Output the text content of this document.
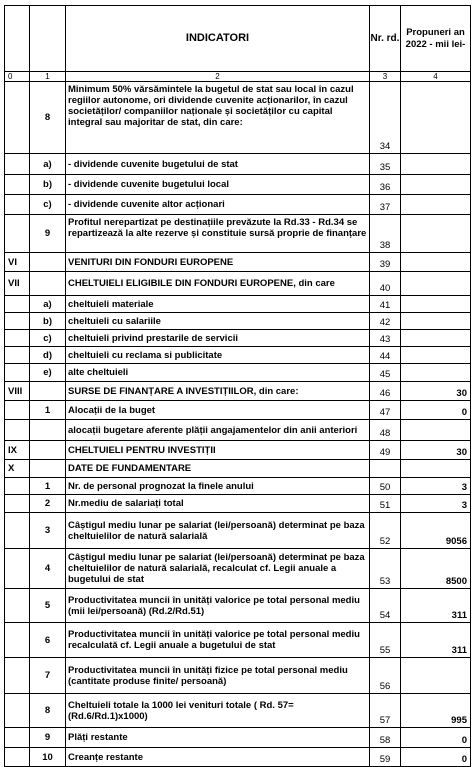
		INDICATORI	Nr. rd.	Propuneri an 2022 - mii lei-
0	1	2	3	4
	8	Minimum 50% vărsămintele la bugetul de stat sau local în cazul regiilor autonome, ori dividende cuvenite acționarilor, în cazul societăților/ companiilor naționale și societăților cu capital integral sau majoritar de stat, din care:	34	
	a)	- dividende cuvenite bugetului de stat	35	
	b)	- dividende cuvenite bugetului local	36	
	c)	- dividende cuvenite altor acționari	37	
	9	Profitul nerepartizat pe destinațiile prevăzute la Rd.33 - Rd.34 se repartizează la alte rezerve și constituie sursă proprie de finanțare	38	
VI		VENITURI DIN FONDURI EUROPENE	39	
VII		CHELTUIELI ELIGIBILE DIN FONDURI EUROPENE, din care	40	
	a)	cheltuieli materiale	41	
	b)	cheltuieli cu salariile	42	
	c)	cheltuieli privind prestarile de servicii	43	
	d)	cheltuieli cu reclama si publicitate	44	
	e)	alte cheltuieli	45	
VIII		SURSE DE FINANȚARE A INVESTIȚIILOR, din care:	46	30
	1	Alocații de la buget	47	0
		alocații bugetare aferente plății angajamentelor din anii anteriori	48	
IX		CHELTUIELI PENTRU INVESTIȚII	49	30
X		DATE DE FUNDAMENTARE		
	1	Nr. de personal prognozat la finele anului	50	3
	2	Nr.mediu de salariați total	51	3
	3	Câștigul mediu lunar pe salariat (lei/persoană) determinat pe baza cheltuielilor de natură salarială	52	9056
	4	Câștigul mediu lunar pe salariat (lei/persoană) determinat pe baza cheltuielilor de natură salarială, recalculat cf. Legii anuale a bugetului de stat	53	8500
	5	Productivitatea muncii în unități valorice pe total personal mediu (mii lei/persoană) (Rd.2/Rd.51)	54	311
	6	Productivitatea muncii în unități valorice pe total personal mediu recalculată cf. Legii anuale a bugetului de stat	55	311
	7	Productivitatea muncii în unități fizice pe total personal mediu (cantitate produse finite/ persoană)	56	
	8	Cheltuieli totale la 1000 lei venituri totale ( Rd. 57= (Rd.6/Rd.1)x1000)	57	995
	9	Plăți restante	58	0
	10	Creanțe restante	59	0
